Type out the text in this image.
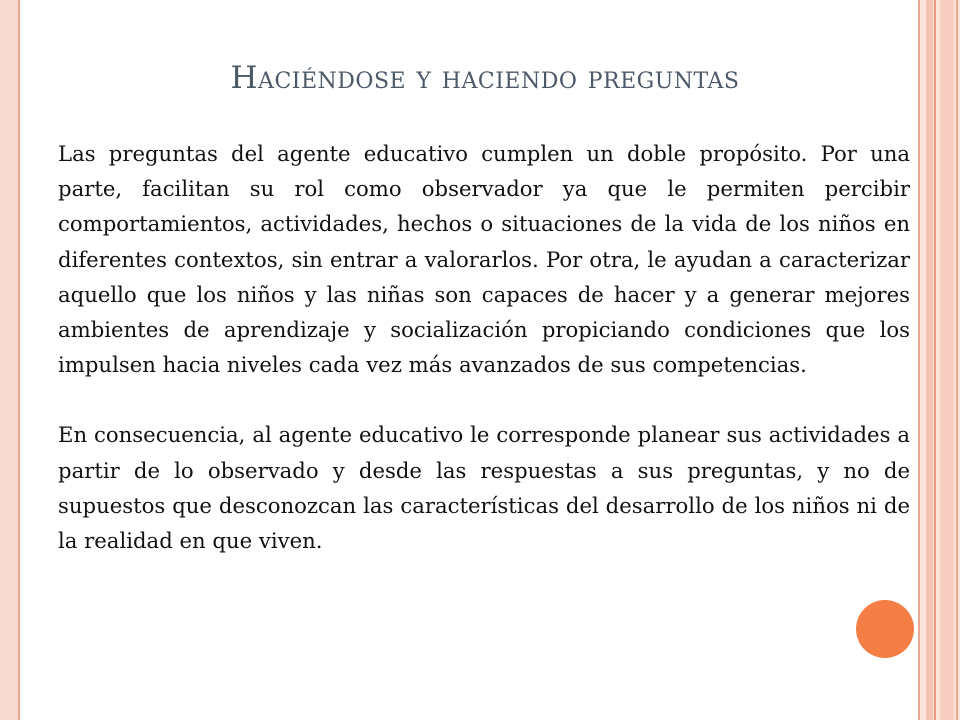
Haciéndose y haciendo preguntas

Las preguntas del agente educativo cumplen un doble propósito. Por una parte, facilitan su rol como observador ya que le permiten percibir comportamientos, actividades, hechos o situaciones de la vida de los niños en diferentes contextos, sin entrar a valorarlos. Por otra, le ayudan a caracterizar aquello que los niños y las niñas son capaces de hacer y a generar mejores ambientes de aprendizaje y socialización propiciando condiciones que los impulsen hacia niveles cada vez más avanzados de sus competencias.

En consecuencia, al agente educativo le corresponde planear sus actividades a partir de lo observado y desde las respuestas a sus preguntas, y no de supuestos que desconozcan las características del desarrollo de los niños ni de la realidad en que viven.
